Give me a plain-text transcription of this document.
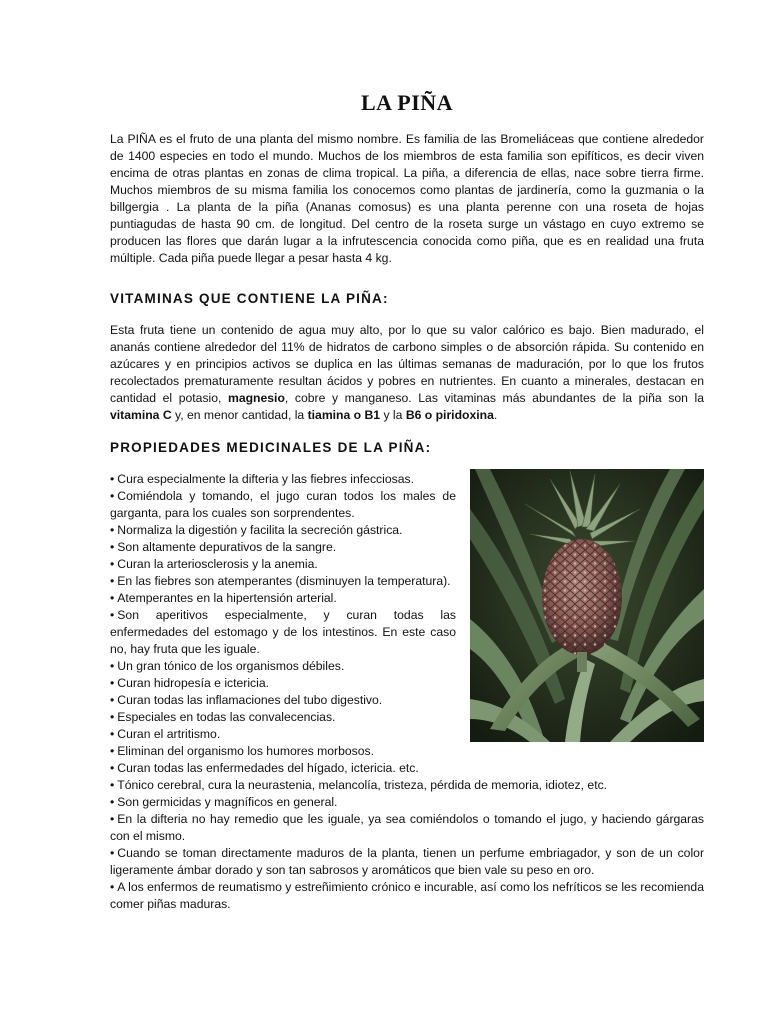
LA PIÑA

La PIÑA es el fruto de una planta del mismo nombre. Es familia de las Bromeliáceas que contiene alrededor de 1400 especies en todo el mundo. Muchos de los miembros de esta familia son epifíticos, es decir viven encima de otras plantas en zonas de clima tropical. La piña, a diferencia de ellas, nace sobre tierra firme. Muchos miembros de su misma familia los conocemos como plantas de jardinería, como la guzmania o la billgergia . La planta de la piña (Ananas comosus) es una planta perenne con una roseta de hojas puntiagudas de hasta 90 cm. de longitud. Del centro de la roseta surge un vástago en cuyo extremo se producen las flores que darán lugar a la infrutescencia conocida como piña, que es en realidad una fruta múltiple. Cada piña puede llegar a pesar hasta 4 kg.

VITAMINAS QUE CONTIENE LA PIÑA:

Esta fruta tiene un contenido de agua muy alto, por lo que su valor calórico es bajo. Bien madurado, el ananás contiene alrededor del 11% de hidratos de carbono simples o de absorción rápida. Su contenido en azúcares y en principios activos se duplica en las últimas semanas de maduración, por lo que los frutos recolectados prematuramente resultan ácidos y pobres en nutrientes. En cuanto a minerales, destacan en cantidad el potasio, magnesio, cobre y manganeso. Las vitaminas más abundantes de la piña son la vitamina C y, en menor cantidad, la tiamina o B1 y la B6 o piridoxina.

PROPIEDADES MEDICINALES DE LA PIÑA:
• Cura especialmente la difteria y las fiebres infecciosas.
• Comiéndola y tomando, el jugo curan todos los males de garganta, para los cuales son sorprendentes.
• Normaliza la digestión y facilita la secreción gástrica.
• Son altamente depurativos de la sangre.
• Curan la arteriosclerosis y la anemia.
• En las fiebres son atemperantes (disminuyen la temperatura).
• Atemperantes en la hipertensión arterial.
• Son aperitivos especialmente, y curan todas las enfermedades del estomago y de los intestinos. En este caso no, hay fruta que les iguale.
• Un gran tónico de los organismos débiles.
• Curan hidropesía e ictericia.
• Curan todas las inflamaciones del tubo digestivo.
• Especiales en todas las convalecencias.
• Curan el artritismo.
• Eliminan del organismo los humores morbosos.
• Curan todas las enfermedades del hígado, ictericia. etc.
• Tónico cerebral, cura la neurastenia, melancolía, tristeza, pérdida de memoria, idiotez, etc.
• Son germicidas y magníficos en general.
• En la difteria no hay remedio que les iguale, ya sea comiéndolos o tomando el jugo, y haciendo gárgaras con el mismo.
• Cuando se toman directamente maduros de la planta, tienen un perfume embriagador, y son de un color ligeramente ámbar dorado y son tan sabrosos y aromáticos que bien vale su peso en oro.
• A los enfermos de reumatismo y estreñimiento crónico e incurable, así como los nefríticos se les recomienda comer piñas maduras.
